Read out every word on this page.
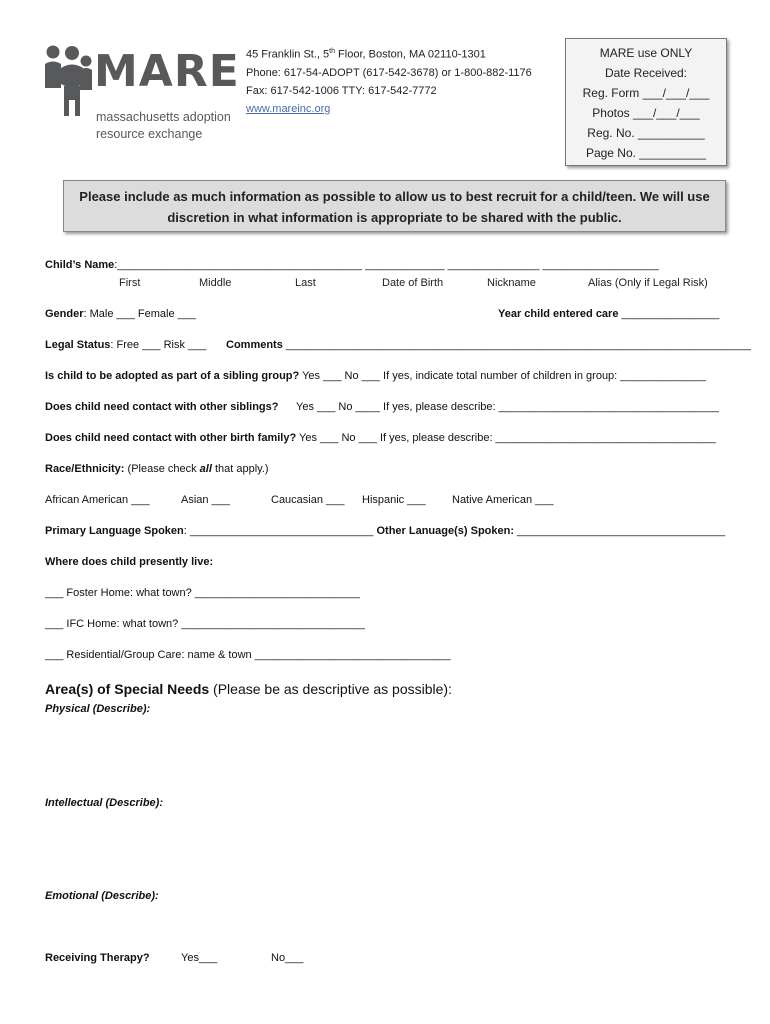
MARE
massachusetts adoption
resource exchange
45 Franklin St., 5th Floor, Boston, MA 02110-1301
Phone: 617-54-ADOPT (617-542-3678) or 1-800-882-1176
Fax: 617-542-1006 TTY: 617-542-7772
www.mareinc.org
MARE use ONLY
Date Received:
Reg. Form ___/___/___
Photos ___/___/___
Reg. No. __________
Page No. __________
Please include as much information as possible to allow us to best recruit for a child/teen. We will use
discretion in what information is appropriate to be shared with the public.
Child’s Name:________________________________________ _____________ _______________ ___________________
First	Middle	Last	Date of Birth	Nickname	Alias (Only if Legal Risk)
Gender: Male ___ Female ___	Year child entered care ________________
Legal Status: Free ___ Risk ___ Comments ____________________________________________________________________________
Is child to be adopted as part of a sibling group? Yes ___ No ___ If yes, indicate total number of children in group: ______________
Does child need contact with other siblings? Yes ___ No ____ If yes, please describe: ____________________________________
Does child need contact with other birth family? Yes ___ No ___ If yes, please describe: ____________________________________
Race/Ethnicity: (Please check all that apply.)
African American ___	Asian ___	Caucasian ___ Hispanic ___ Native American ___
Primary Language Spoken: ______________________________ Other Lanuage(s) Spoken: __________________________________
Where does child presently live:
___ Foster Home: what town? ___________________________
___ IFC Home: what town? ______________________________
___ Residential/Group Care: name & town ________________________________
Area(s) of Special Needs (Please be as descriptive as possible):
Physical (Describe):
Intellectual (Describe):
Emotional (Describe):
Receiving Therapy?	Yes___	No___
